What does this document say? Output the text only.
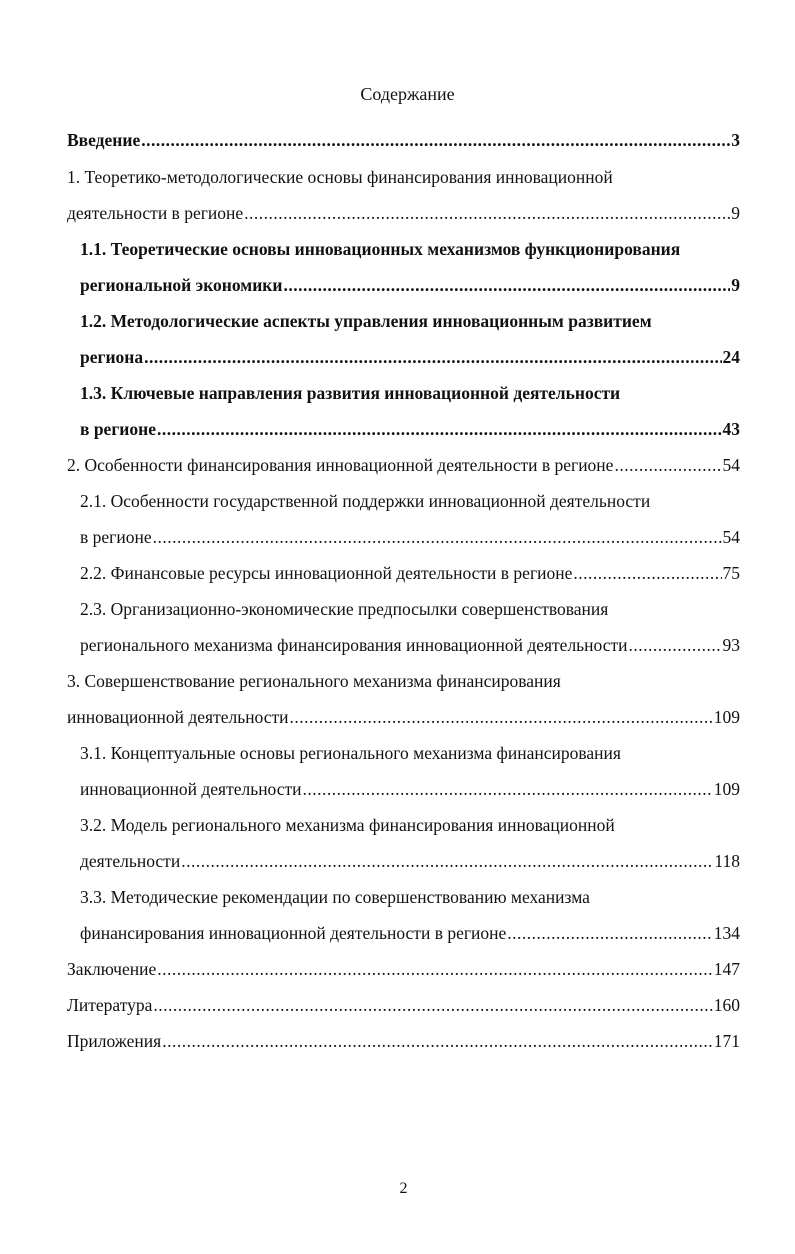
Содержание
Введение .....	3
1. Теоретико-методологические основы финансирования инновационной
деятельности в регионе .....	9
1.1. Теоретические основы инновационных механизмов функционирования
региональной экономики .....	9
1.2. Методологические аспекты управления инновационным развитием
региона .....	24
1.3. Ключевые направления развития инновационной деятельности
в регионе .....	43
2. Особенности финансирования инновационной деятельности в регионе .....	54
2.1. Особенности государственной поддержки инновационной деятельности
в регионе .....	54
2.2. Финансовые ресурсы инновационной деятельности в регионе .....	75
2.3. Организационно-экономические предпосылки совершенствования
регионального механизма финансирования инновационной деятельности .....	93
3. Совершенствование регионального механизма финансирования
инновационной деятельности .....	109
3.1. Концептуальные основы регионального механизма финансирования
инновационной деятельности .....	109
3.2. Модель регионального механизма финансирования инновационной
деятельности .....	118
3.3. Методические рекомендации по совершенствованию механизма
финансирования инновационной деятельности в регионе .....	134
Заключение .....	147
Литература .....	160
Приложения .....	171
2
